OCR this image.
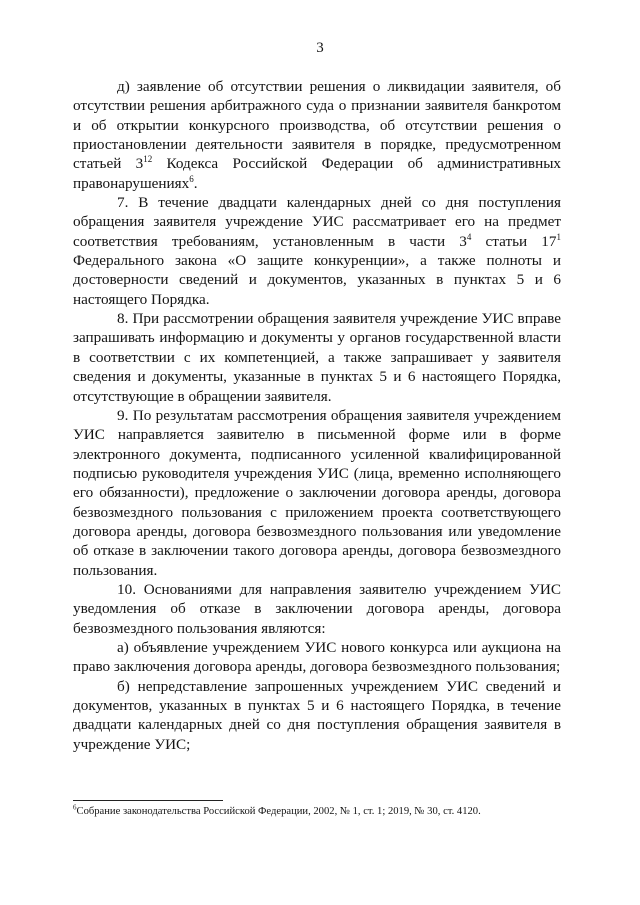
3

д) заявление об отсутствии решения о ликвидации заявителя, об отсутствии решения арбитражного суда о признании заявителя банкротом и об открытии конкурсного производства, об отсутствии решения о приостановлении деятельности заявителя в порядке, предусмотренном статьей $3^{12}$ Кодекса Российской Федерации об административных правонарушениях$^6$.

7. В течение двадцати календарных дней со дня поступления обращения заявителя учреждение УИС рассматривает его на предмет соответствия требованиям, установленным в части $3^4$ статьи $17^1$ Федерального закона «О защите конкуренции», а также полноты и достоверности сведений и документов, указанных в пунктах 5 и 6 настоящего Порядка.

8. При рассмотрении обращения заявителя учреждение УИС вправе запрашивать информацию и документы у органов государственной власти в соответствии с их компетенцией, а также запрашивает у заявителя сведения и документы, указанные в пунктах 5 и 6 настоящего Порядка, отсутствующие в обращении заявителя.

9. По результатам рассмотрения обращения заявителя учреждением УИС направляется заявителю в письменной форме или в форме электронного документа, подписанного усиленной квалифицированной подписью руководителя учреждения УИС (лица, временно исполняющего его обязанности), предложение о заключении договора аренды, договора безвозмездного пользования с приложением проекта соответствующего договора аренды, договора безвозмездного пользования или уведомление об отказе в заключении такого договора аренды, договора безвозмездного пользования.

10. Основаниями для направления заявителю учреждением УИС уведомления об отказе в заключении договора аренды, договора безвозмездного пользования являются:

а) объявление учреждением УИС нового конкурса или аукциона на право заключения договора аренды, договора безвозмездного пользования;

б) непредставление запрошенных учреждением УИС сведений и документов, указанных в пунктах 5 и 6 настоящего Порядка, в течение двадцати календарных дней со дня поступления обращения заявителя в учреждение УИС;

$^6$Собрание законодательства Российской Федерации, 2002, № 1, ст. 1; 2019, № 30, ст. 4120.
